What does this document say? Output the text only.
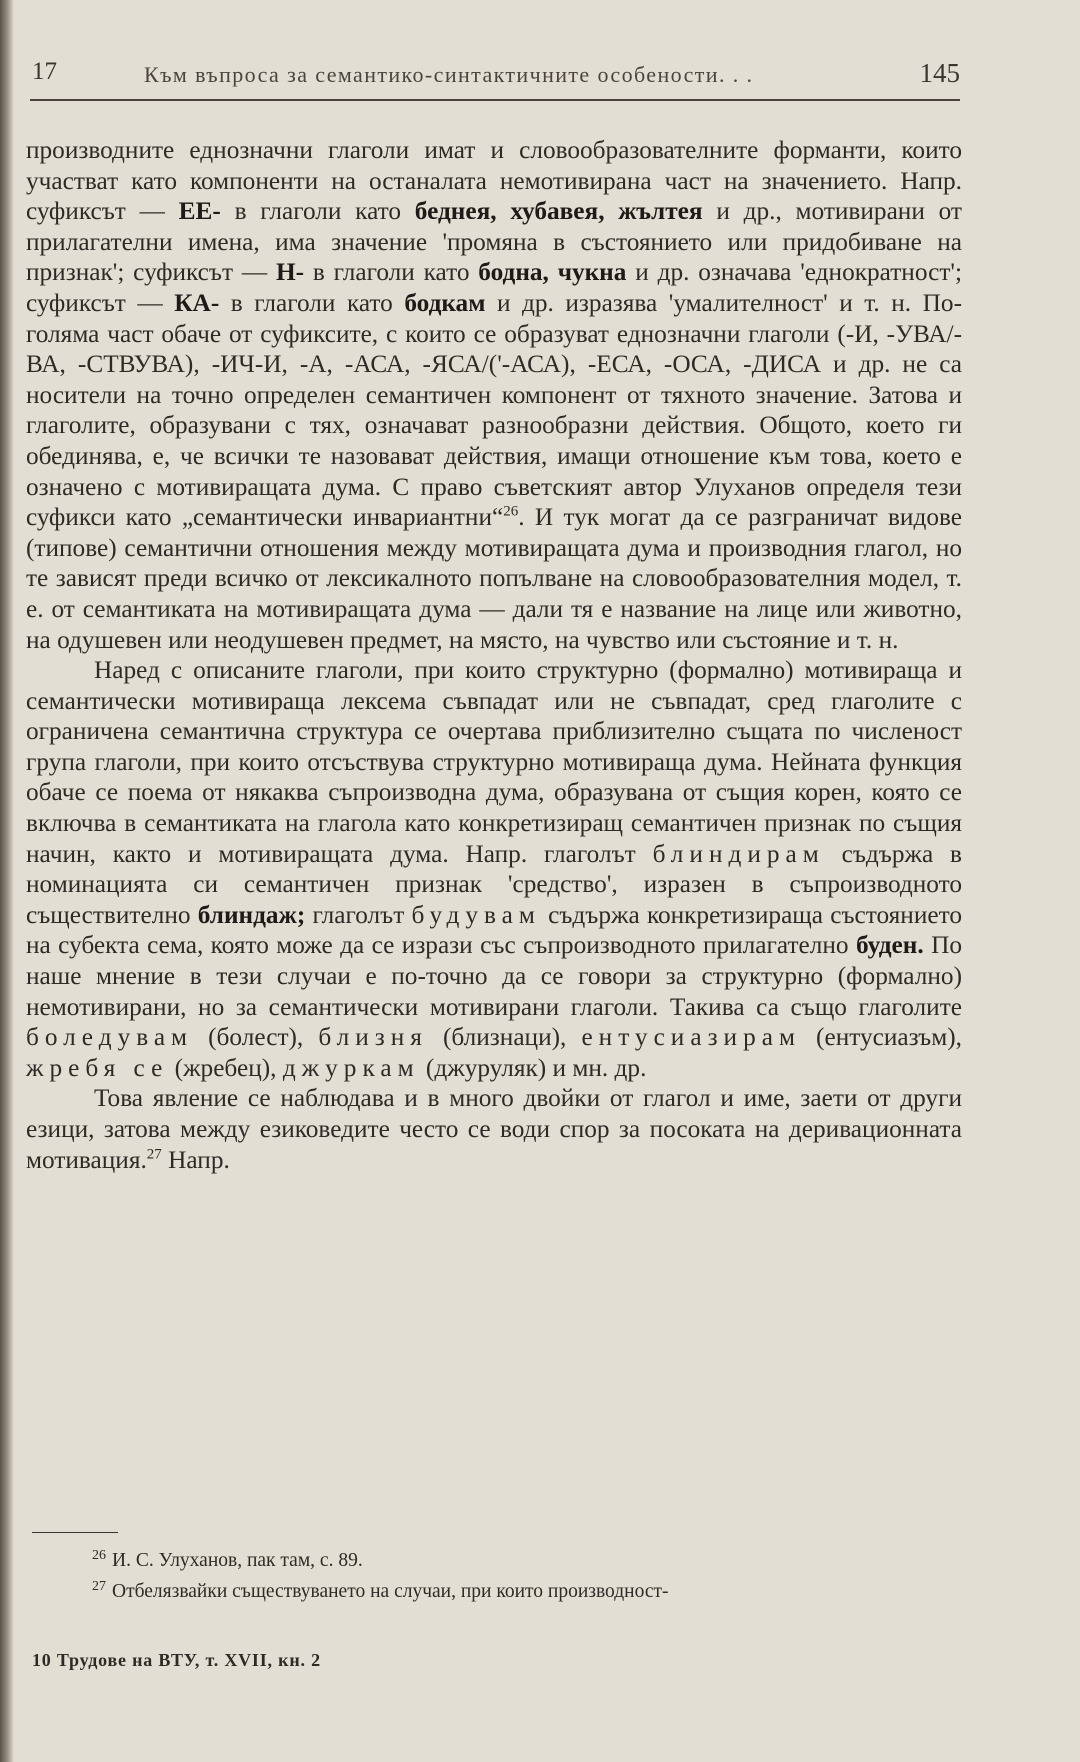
17	Към въпроса за семантико-синтактичните особености. . .	145

производните еднозначни глаголи имат и словообразователните форманти, които участват като компоненти на останалата немотивирана част на значението. Напр. суфиксът — ЕЕ- в глаголи като беднея, хубавея, жълтея и др., мотивирани от прилагателни имена, има значение 'промяна в състоянието или придобиване на признак'; суфиксът — Н- в глаголи като бодна, чукна и др. означава 'еднократност'; суфиксът — КА- в глаголи като бодкам и др. изразява 'умалителност' и т. н. По-голяма част обаче от суфиксите, с които се образуват еднозначни глаголи (-И, -УВА/-ВА, -СТВУВА), -ИЧ-И, -А, -АСА, -ЯСА/('-АСА), -ЕСА, -ОСА, -ДИСА и др. не са носители на точно определен семантичен компонент от тяхното значение. Затова и глаголите, образувани с тях, означават разнообразни действия. Общото, което ги обединява, е, че всички те назовават действия, имащи отношение към това, което е означено с мотивиращата дума. С право съветският автор Улуханов определя тези суфикси като „семантически инвариантни“$^{26}$. И тук могат да се разграничат видове (типове) семантични отношения между мотивиращата дума и производния глагол, но те зависят преди всичко от лексикалното попълване на словообразователния модел, т. е. от семантиката на мотивиращата дума — дали тя е название на лице или животно, на одушевен или неодушевен предмет, на място, на чувство или състояние и т. н.

Наред с описаните глаголи, при които структурно (формално) мотивираща и семантически мотивираща лексема съвпадат или не съвпадат, сред глаголите с ограничена семантична структура се очертава приблизително същата по численост група глаголи, при които отсъствува структурно мотивираща дума. Нейната функция обаче се поема от някаква съпроизводна дума, образувана от същия корен, която се включва в семантиката на глагола като конкретизиращ семантичен признак по същия начин, както и мотивиращата дума. Напр. глаголът блиндирам съдържа в номинацията си семантичен признак 'средство', изразен в съпроизводното съществително блиндаж; глаголът будувам съдържа конкретизираща състоянието на субекта сема, която може да се изрази със съпроизводното прилагателно буден. По наше мнение в тези случаи е по-точно да се говори за структурно (формално) немотивирани, но за семантически мотивирани глаголи. Такива са също глаголите боледувам (болест), близня (близнаци), ентусиазирам (ентусиазъм), жребя се (жребец), джуркам (джуруляк) и мн. др.

Това явление се наблюдава и в много двойки от глагол и име, заети от други езици, затова между езиковедите често се води спор за посоката на деривационната мотивация.$^{27}$ Напр.

$^{26}$ И. С. Улуханов, пак там, с. 89.
$^{27}$ Отбелязвайки съществуването на случаи, при които производност-
10 Трудове на ВТУ, т. XVII, кн. 2
